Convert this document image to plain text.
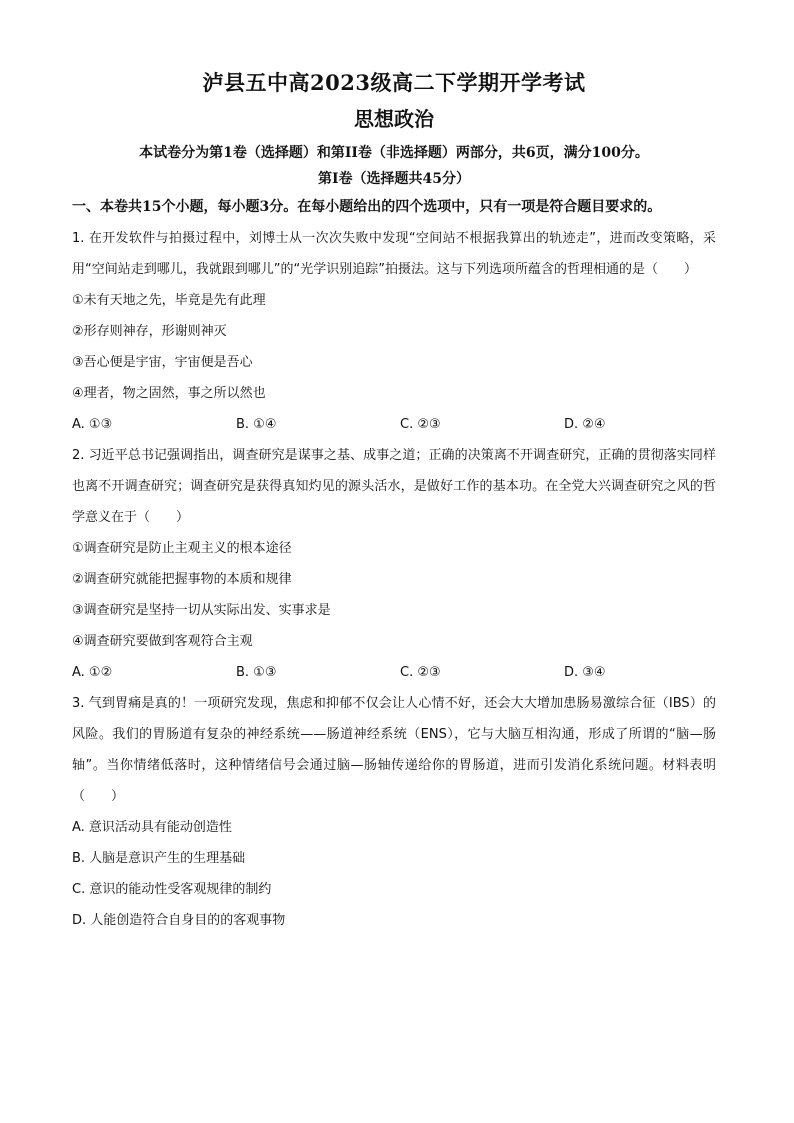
泸县五中高2023级高二下学期开学考试
思想政治

本试卷分为第1卷（选择题）和第II卷（非选择题）两部分，共6页，满分100分。

第Ⅰ卷（选择题共45分）

一、本卷共15个小题，每小题3分。在每小题给出的四个选项中，只有一项是符合题目要求的。

1. 在开发软件与拍摄过程中，刘博士从一次次失败中发现“空间站不根据我算出的轨迹走”，进而改变策略，采用“空间站走到哪儿，我就跟到哪儿”的“光学识别追踪”拍摄法。这与下列选项所蕴含的哲理相通的是（　　）

①未有天地之先，毕竟是先有此理

②形存则神存，形谢则神灭

③吾心便是宇宙，宇宙便是吾心

④理者，物之固然，事之所以然也

A. ①③	B. ①④	C. ②③	D. ②④

2. 习近平总书记强调指出，调查研究是谋事之基、成事之道；正确的决策离不开调查研究，正确的贯彻落实同样也离不开调查研究；调查研究是获得真知灼见的源头活水，是做好工作的基本功。在全党大兴调查研究之风的哲学意义在于（　　）

①调查研究是防止主观主义的根本途径

②调查研究就能把握事物的本质和规律

③调查研究是坚持一切从实际出发、实事求是

④调查研究要做到客观符合主观

A. ①②	B. ①③	C. ②③	D. ③④

3. 气到胃痛是真的！一项研究发现，焦虑和抑郁不仅会让人心情不好，还会大大增加患肠易激综合征（IBS）的风险。我们的胃肠道有复杂的神经系统——肠道神经系统（ENS），它与大脑互相沟通，形成了所谓的“脑—肠轴”。当你情绪低落时，这种情绪信号会通过脑—肠轴传递给你的胃肠道，进而引发消化系统问题。材料表明（　　）

A. 意识活动具有能动创造性

B. 人脑是意识产生的生理基础

C. 意识的能动性受客观规律的制约

D. 人能创造符合自身目的的客观事物
